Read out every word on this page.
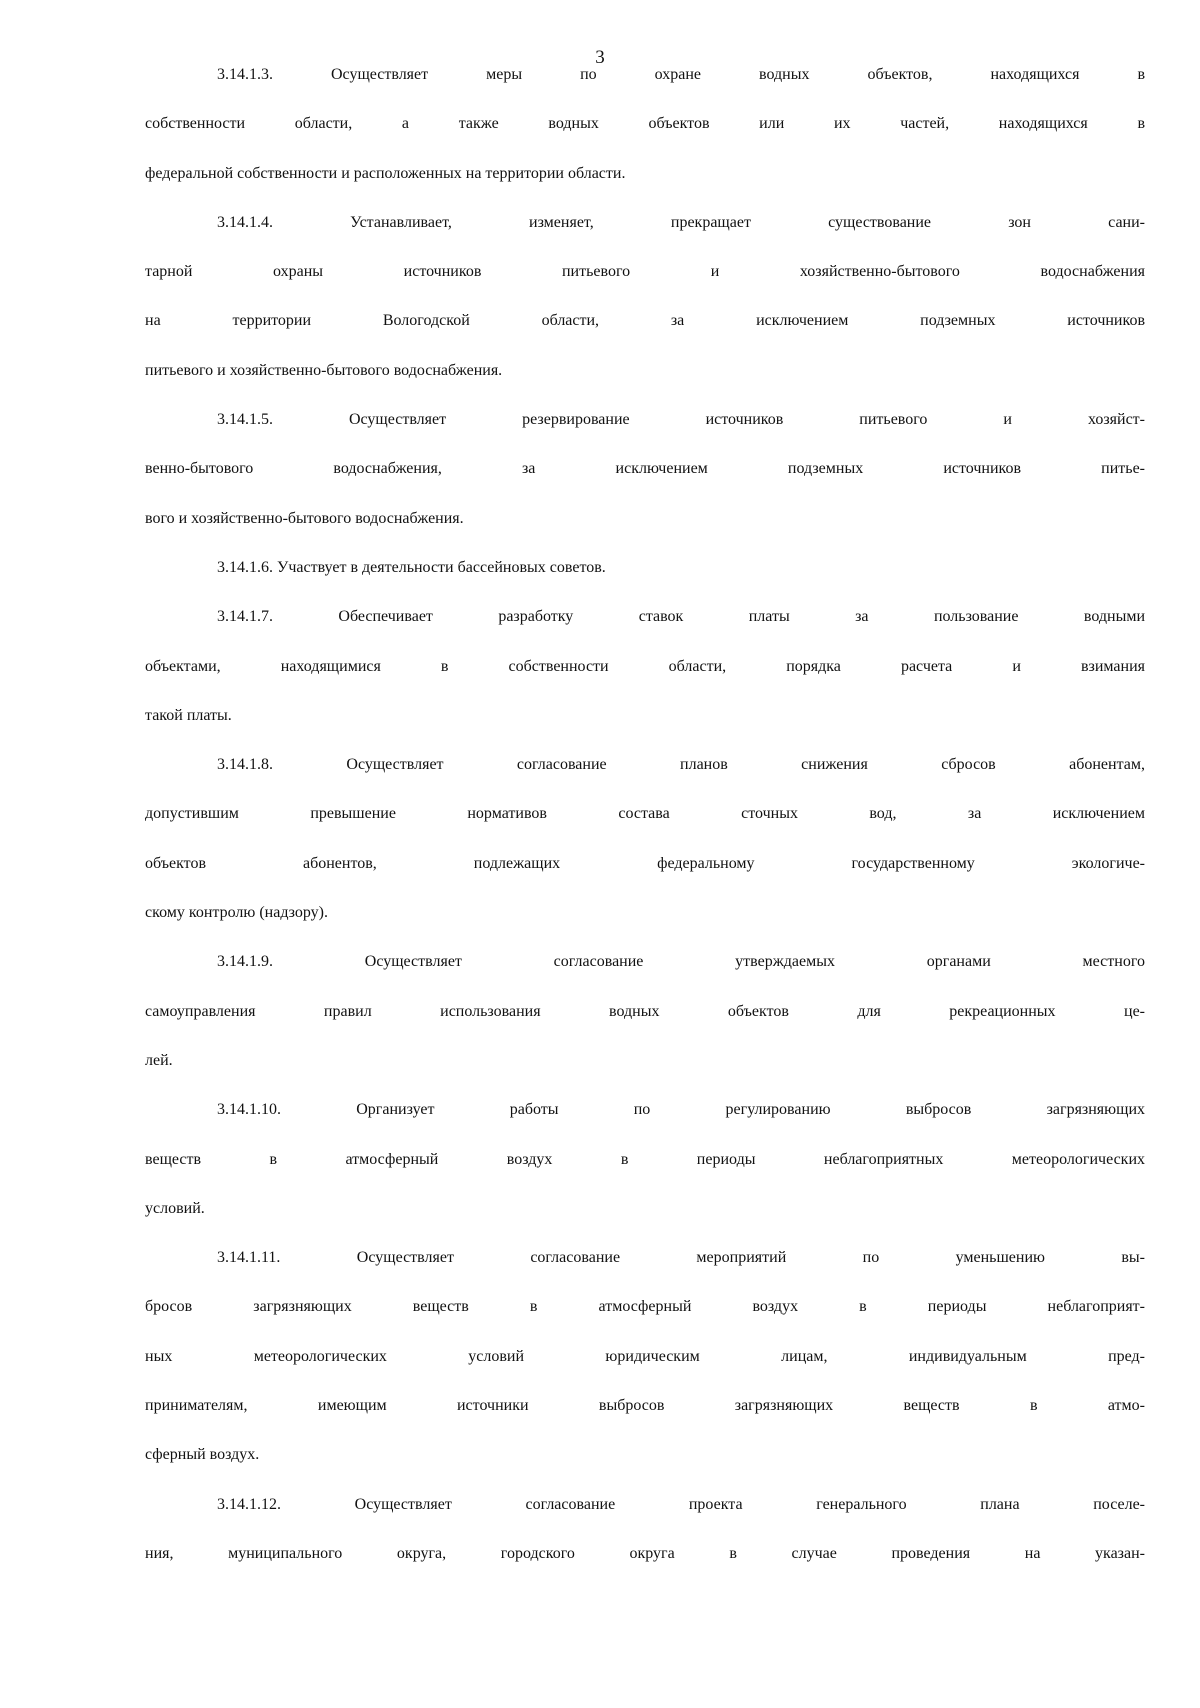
3
3.14.1.3. Осуществляет меры по охране водных объектов, находящихся в
собственности области, а также водных объектов или их частей, находящихся в
федеральной собственности и расположенных на территории области.
3.14.1.4. Устанавливает, изменяет, прекращает существование зон сани-
тарной охраны источников питьевого и хозяйственно-бытового водоснабжения
на территории Вологодской области, за исключением подземных источников
питьевого и хозяйственно-бытового водоснабжения.
3.14.1.5. Осуществляет резервирование источников питьевого и хозяйст-
венно-бытового водоснабжения, за исключением подземных источников питье-
вого и хозяйственно-бытового водоснабжения.
3.14.1.6. Участвует в деятельности бассейновых советов.
3.14.1.7. Обеспечивает разработку ставок платы за пользование водными
объектами, находящимися в собственности области, порядка расчета и взимания
такой платы.
3.14.1.8. Осуществляет согласование планов снижения сбросов абонентам,
допустившим превышение нормативов состава сточных вод, за исключением
объектов абонентов, подлежащих федеральному государственному экологиче-
скому контролю (надзору).
3.14.1.9. Осуществляет согласование утверждаемых органами местного
самоуправления правил использования водных объектов для рекреационных це-
лей.
3.14.1.10. Организует работы по регулированию выбросов загрязняющих
веществ в атмосферный воздух в периоды неблагоприятных метеорологических
условий.
3.14.1.11. Осуществляет согласование мероприятий по уменьшению вы-
бросов загрязняющих веществ в атмосферный воздух в периоды неблагоприят-
ных метеорологических условий юридическим лицам, индивидуальным пред-
принимателям, имеющим источники выбросов загрязняющих веществ в атмо-
сферный воздух.
3.14.1.12. Осуществляет согласование проекта генерального плана поселе-
ния, муниципального округа, городского округа в случае проведения на указан-
